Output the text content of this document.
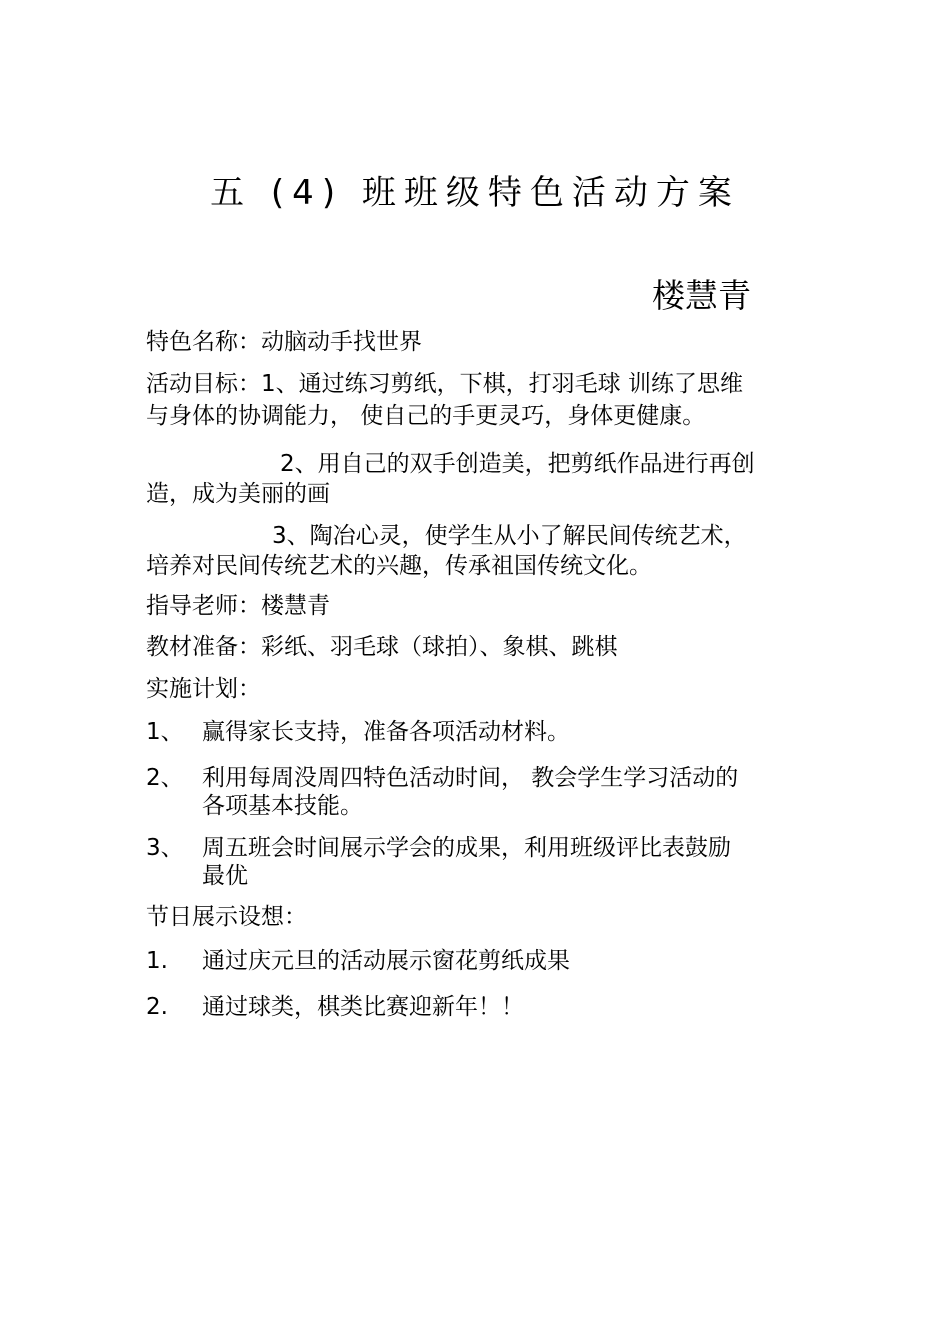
五 (4) 班班级特色活动方案
楼慧青
特色名称：动脑动手找世界
活动目标：1、通过练习剪纸，下棋，打羽毛球 训练了思维
与身体的协调能力， 使自己的手更灵巧，身体更健康。
2、用自己的双手创造美，把剪纸作品进行再创
造，成为美丽的画
3、陶冶心灵，使学生从小了解民间传统艺术，
培养对民间传统艺术的兴趣，传承祖国传统文化。
指导老师：楼慧青
教材准备：彩纸、羽毛球（球拍）、象棋、跳棋
实施计划：
1、 赢得家长支持，准备各项活动材料。
2、 利用每周没周四特色活动时间， 教会学生学习活动的
各项基本技能。
3、 周五班会时间展示学会的成果，利用班级评比表鼓励
最优
节日展示设想：
1. 通过庆元旦的活动展示窗花剪纸成果
2. 通过球类，棋类比赛迎新年！！
